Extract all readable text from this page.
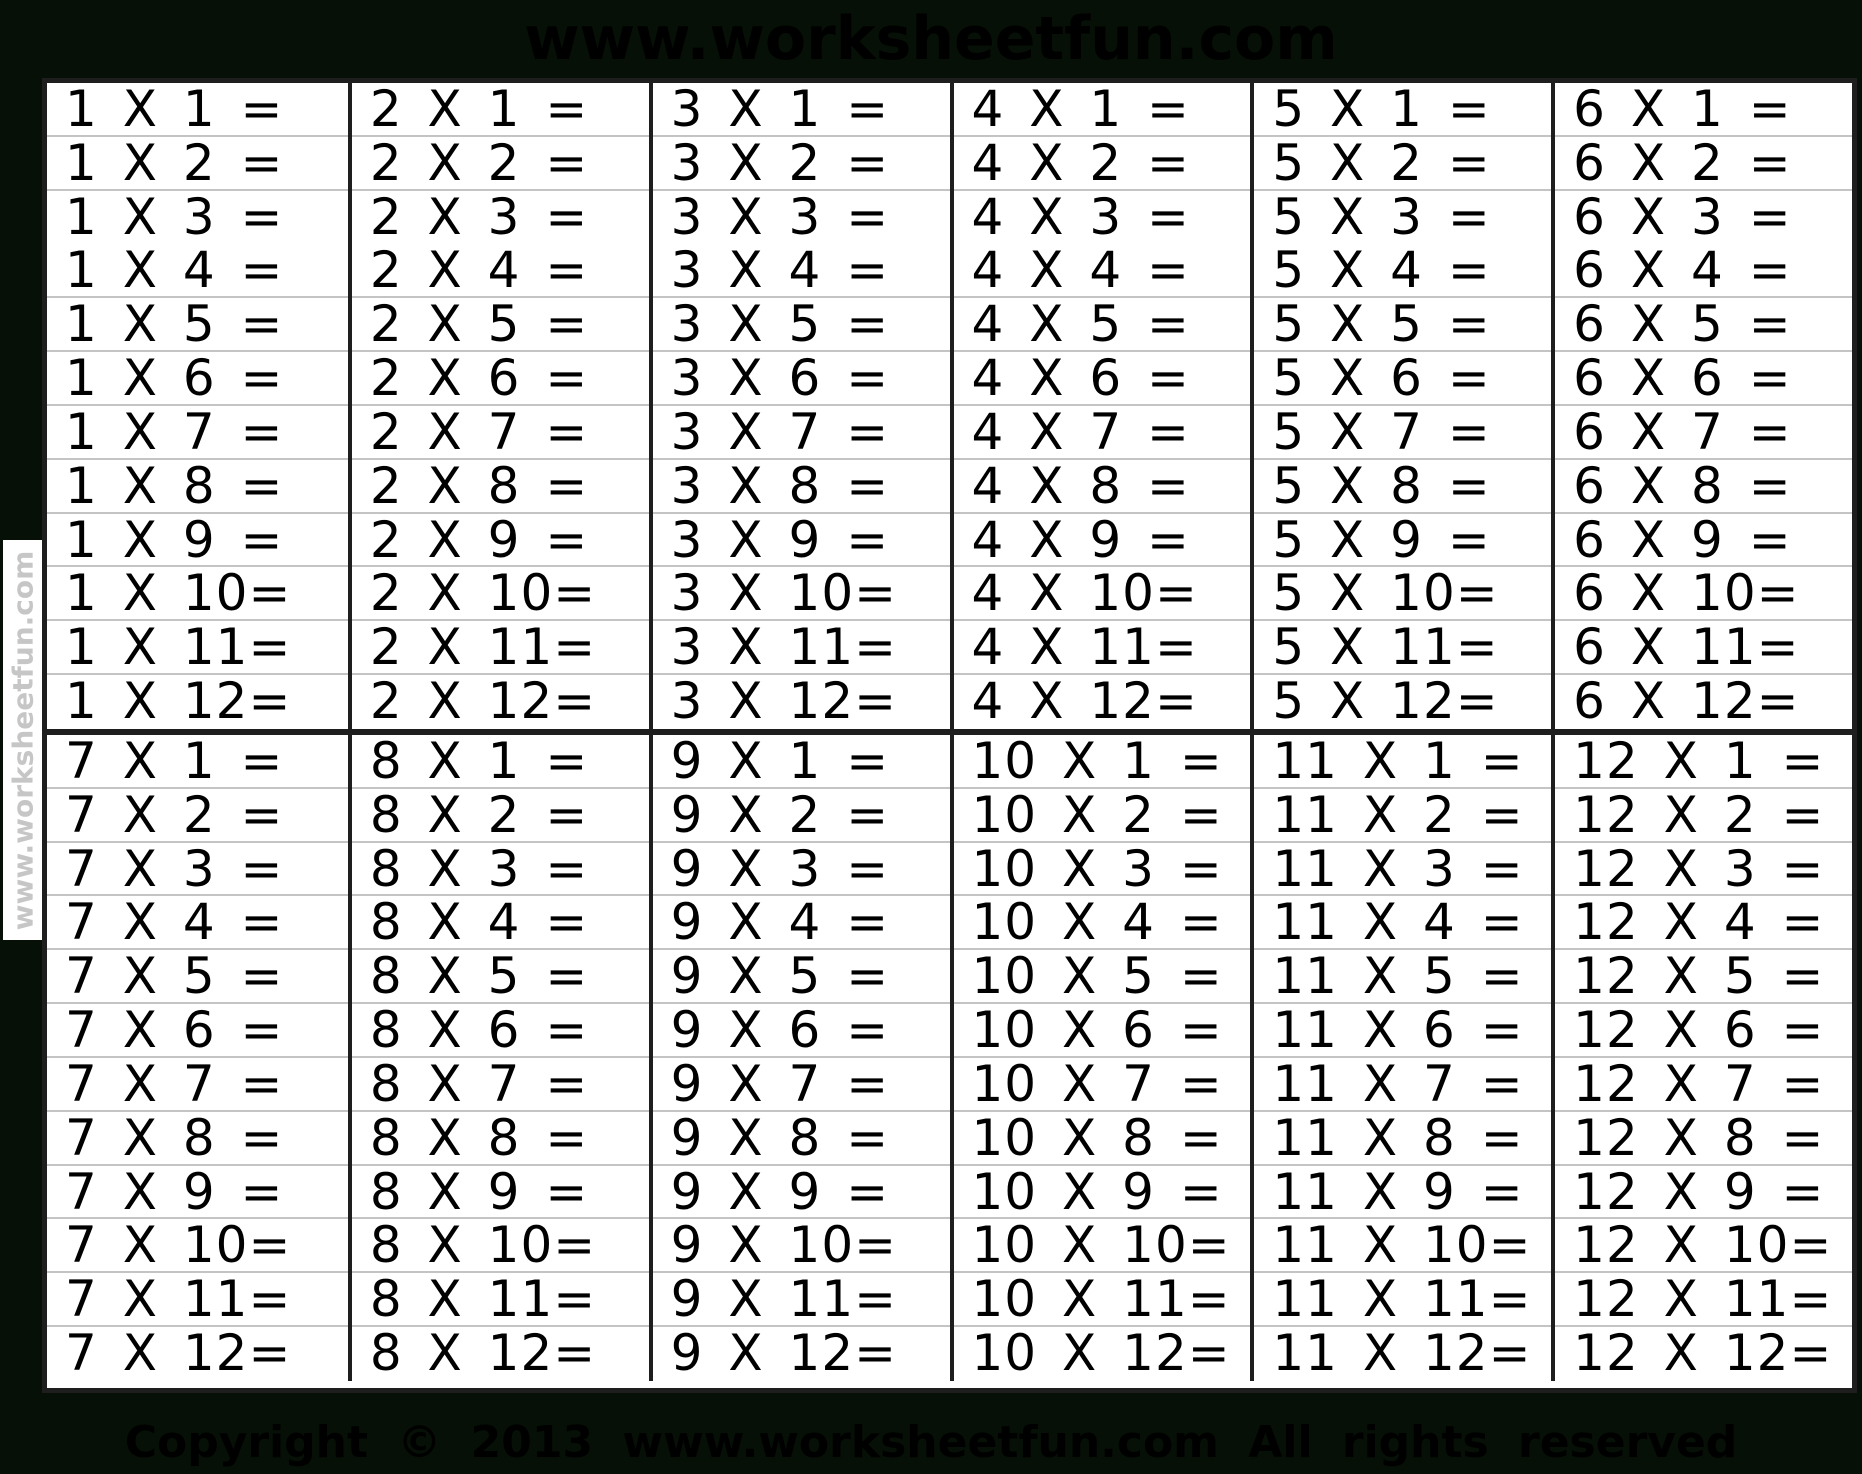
www.worksheetfun.com
1 X 1 =
1 X 2 =
1 X 3 =
1 X 4 =
1 X 5 =
1 X 6 =
1 X 7 =
1 X 8 =
1 X 9 =
1 X 10=
1 X 11=
1 X 12=
2 X 1 =
2 X 2 =
2 X 3 =
2 X 4 =
2 X 5 =
2 X 6 =
2 X 7 =
2 X 8 =
2 X 9 =
2 X 10=
2 X 11=
2 X 12=
3 X 1 =
3 X 2 =
3 X 3 =
3 X 4 =
3 X 5 =
3 X 6 =
3 X 7 =
3 X 8 =
3 X 9 =
3 X 10=
3 X 11=
3 X 12=
4 X 1 =
4 X 2 =
4 X 3 =
4 X 4 =
4 X 5 =
4 X 6 =
4 X 7 =
4 X 8 =
4 X 9 =
4 X 10=
4 X 11=
4 X 12=
5 X 1 =
5 X 2 =
5 X 3 =
5 X 4 =
5 X 5 =
5 X 6 =
5 X 7 =
5 X 8 =
5 X 9 =
5 X 10=
5 X 11=
5 X 12=
6 X 1 =
6 X 2 =
6 X 3 =
6 X 4 =
6 X 5 =
6 X 6 =
6 X 7 =
6 X 8 =
6 X 9 =
6 X 10=
6 X 11=
6 X 12=
7 X 1 =
7 X 2 =
7 X 3 =
7 X 4 =
7 X 5 =
7 X 6 =
7 X 7 =
7 X 8 =
7 X 9 =
7 X 10=
7 X 11=
7 X 12=
8 X 1 =
8 X 2 =
8 X 3 =
8 X 4 =
8 X 5 =
8 X 6 =
8 X 7 =
8 X 8 =
8 X 9 =
8 X 10=
8 X 11=
8 X 12=
9 X 1 =
9 X 2 =
9 X 3 =
9 X 4 =
9 X 5 =
9 X 6 =
9 X 7 =
9 X 8 =
9 X 9 =
9 X 10=
9 X 11=
9 X 12=
10 X 1 =
10 X 2 =
10 X 3 =
10 X 4 =
10 X 5 =
10 X 6 =
10 X 7 =
10 X 8 =
10 X 9 =
10 X 10=
10 X 11=
10 X 12=
11 X 1 =
11 X 2 =
11 X 3 =
11 X 4 =
11 X 5 =
11 X 6 =
11 X 7 =
11 X 8 =
11 X 9 =
11 X 10=
11 X 11=
11 X 12=
12 X 1 =
12 X 2 =
12 X 3 =
12 X 4 =
12 X 5 =
12 X 6 =
12 X 7 =
12 X 8 =
12 X 9 =
12 X 10=
12 X 11=
12 X 12=
www.worksheetfun.com
Copyright © 2013 www.worksheetfun.com All rights reserved
